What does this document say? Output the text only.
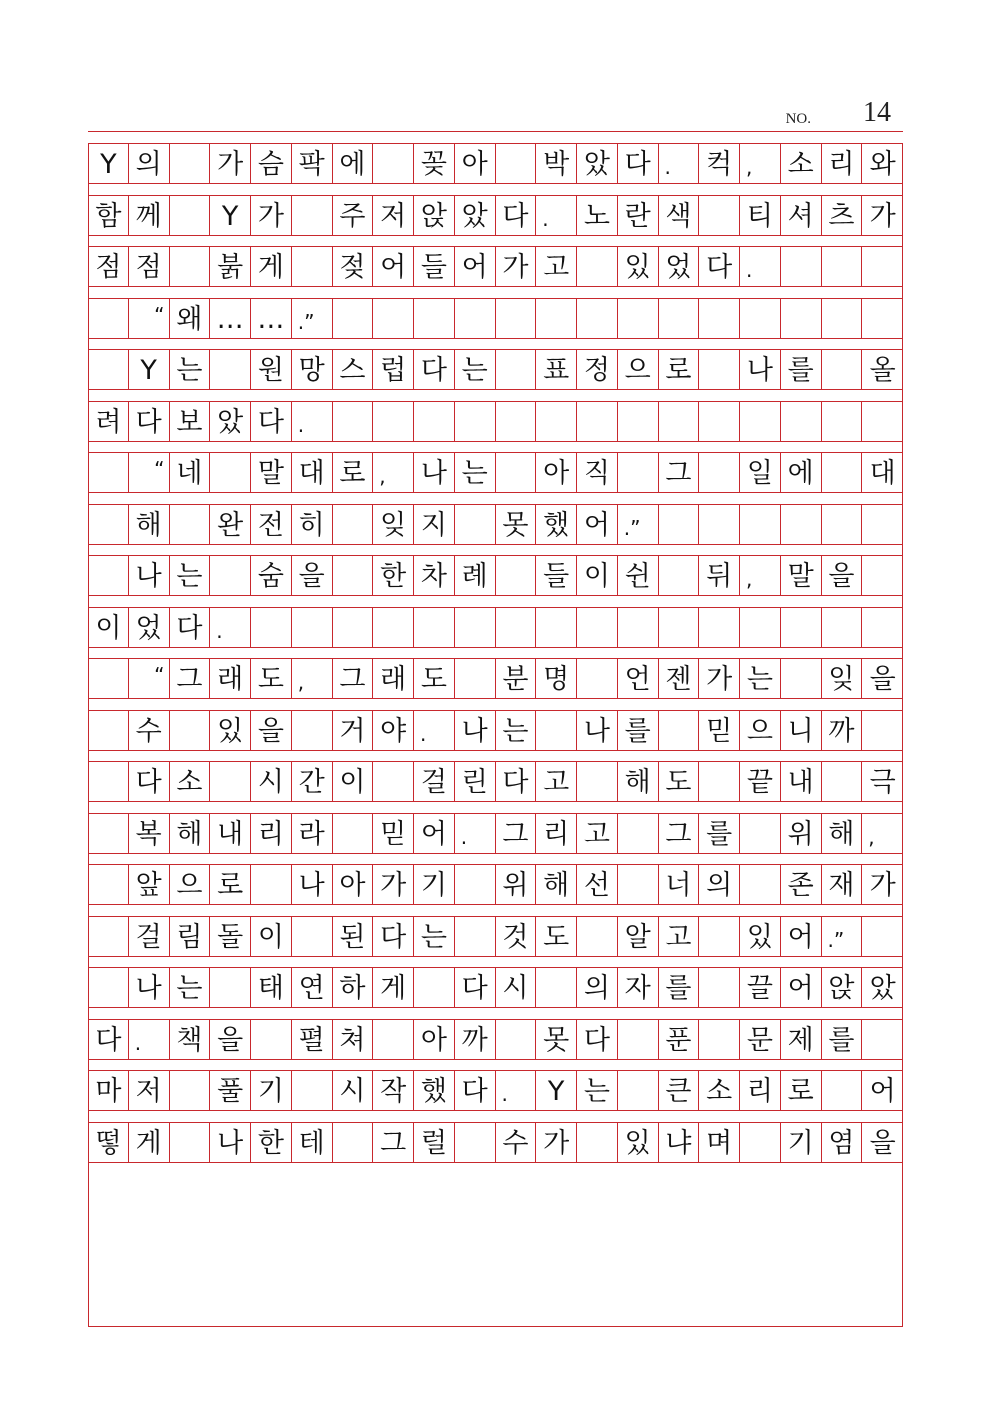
NO. 14
Y 의 가 슴 팍 에 꽂 아 박 았 다 .	컥 ,	소 리 와
함 께	Y 가 주 저 앉 았 다 .	노 란 색 티 셔 츠 가
점 점 붉 게 젖 어 들 어 가 고 있 었 다 .
“ 왜 … … .”
Y 는 원 망 스 럽 다 는 표 정 으 로 나 를 올
려 다 보 았 다 .
“ 네 말 대 로 ,	나 는 아 직 그 일 에 대
해 완 전 히 잊 지 못 했 어 .”
나 는 숨 을 한 차 례 들 이 쉰 뒤 ,	말 을
이 었 다 .
“ 그 래 도 ,	그 래 도 분 명 언 젠 가 는 잊 을
수 있 을 거 야 .	나 는 나 를 믿 으 니 까
다 소 시 간 이 걸 린 다 고 해 도 끝 내 극
복 해 내 리 라 믿 어 .	그 리 고 그 를 위 해 ,
앞 으 로 나 아 가 기 위 해 선 너 의 존 재 가
걸 림 돌 이 된 다 는 것 도 알 고 있 어 .”
나 는 태 연 하 게 다 시 의 자 를 끌 어 앉 았
다 .	책 을 펼 쳐 아 까 못 다 푼 문 제 를
마 저 풀 기 시 작 했 다 .	Y 는 큰 소 리 로 어
떻 게 나 한 테 그 럴 수 가 있 냐 며 기 염 을
